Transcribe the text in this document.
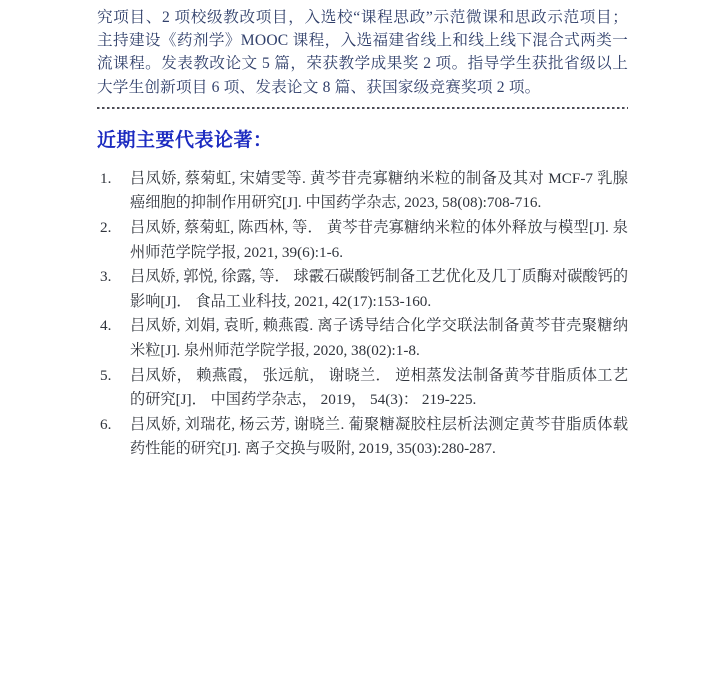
究项目、2 项校级教改项目，入选校“课程思政”示范微课和思政示范项目；主持建设《药剂学》MOOC 课程，入选福建省线上和线上线下混合式两类一流课程。发表教改论文 5 篇，荣获教学成果奖 2 项。指导学生获批省级以上大学生创新项目 6 项、发表论文 8 篇、获国家级竞赛奖项 2 项。

近期主要代表论著：
1. 吕凤娇, 蔡菊虹, 宋婧雯等. 黄芩苷壳寡糖纳米粒的制备及其对 MCF-7 乳腺癌细胞的抑制作用研究[J]. 中国药学杂志, 2023, 58(08):708-716.
2. 吕凤娇, 蔡菊虹, 陈西林, 等． 黄芩苷壳寡糖纳米粒的体外释放与模型[J]. 泉州师范学院学报, 2021, 39(6):1-6.
3. 吕凤娇, 郭悦, 徐露, 等． 球霰石碳酸钙制备工艺优化及几丁质酶对碳酸钙的影响[J]． 食品工业科技, 2021, 42(17):153-160.
4. 吕凤娇, 刘娟, 袁昕, 赖燕霞. 离子诱导结合化学交联法制备黄芩苷壳聚糖纳米粒[J]. 泉州师范学院学报, 2020, 38(02):1-8.
5. 吕凤娇， 赖燕霞， 张远航， 谢晓兰． 逆相蒸发法制备黄芩苷脂质体工艺的研究[J]． 中国药学杂志， 2019， 54(3)： 219-225.
6. 吕凤娇, 刘瑞花, 杨云芳, 谢晓兰. 葡聚糖凝胶柱层析法测定黄芩苷脂质体载药性能的研究[J]. 离子交换与吸附, 2019, 35(03):280-287.
